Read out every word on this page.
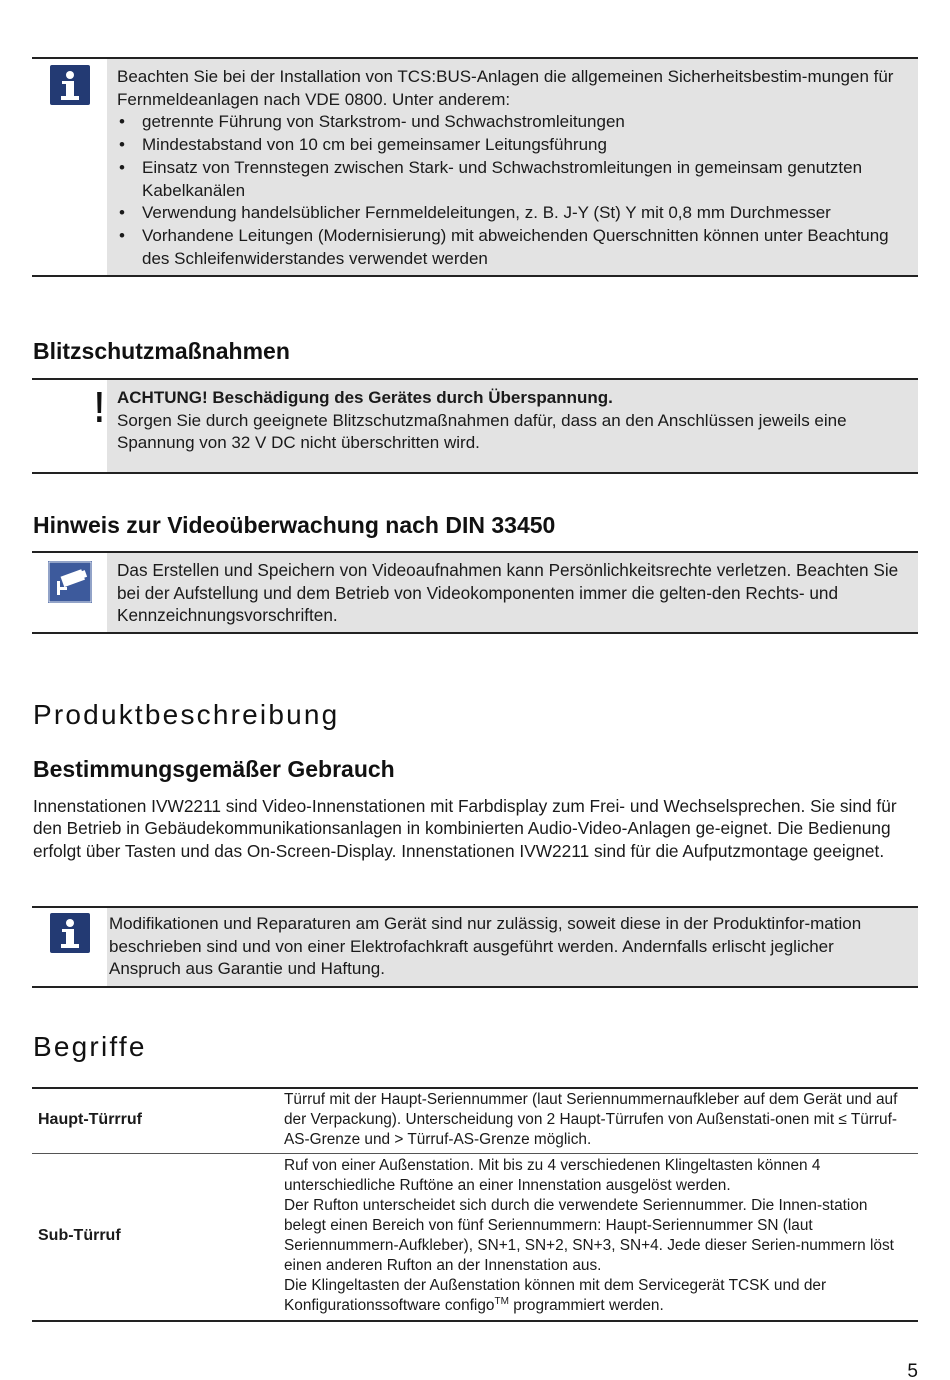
Beachten Sie bei der Installation von TCS:BUS-Anlagen die allgemeinen Sicherheitsbestim-mungen für Fernmeldeanlagen nach VDE 0800. Unter anderem:
• getrennte Führung von Starkstrom- und Schwachstromleitungen
• Mindestabstand von 10 cm bei gemeinsamer Leitungsführung
• Einsatz von Trennstegen zwischen Stark- und Schwachstromleitungen in gemeinsam genutzten Kabelkanälen
• Verwendung handelsüblicher Fernmeldeleitungen, z. B. J-Y (St) Y mit 0,8 mm Durchmesser
• Vorhandene Leitungen (Modernisierung) mit abweichenden Querschnitten können unter Beachtung des Schleifenwiderstandes verwendet werden
Blitzschutzmaßnahmen
! ACHTUNG! Beschädigung des Gerätes durch Überspannung.
Sorgen Sie durch geeignete Blitzschutzmaßnahmen dafür, dass an den Anschlüssen jeweils eine Spannung von 32 V DC nicht überschritten wird.
Hinweis zur Videoüberwachung nach DIN 33450
Das Erstellen und Speichern von Videoaufnahmen kann Persönlichkeitsrechte verletzen. Beachten Sie bei der Aufstellung und dem Betrieb von Videokomponenten immer die gelten-den Rechts- und Kennzeichnungsvorschriften.
Produktbeschreibung
Bestimmungsgemäßer Gebrauch
Innenstationen IVW2211 sind Video-Innenstationen mit Farbdisplay zum Frei- und Wechselsprechen. Sie sind für den Betrieb in Gebäudekommunikationsanlagen in kombinierten Audio-Video-Anlagen ge-eignet. Die Bedienung erfolgt über Tasten und das On-Screen-Display. Innenstationen IVW2211 sind für die Aufputzmontage geeignet.
Modifikationen und Reparaturen am Gerät sind nur zulässig, soweit diese in der Produktinfor-mation beschrieben sind und von einer Elektrofachkraft ausgeführt werden. Andernfalls erlischt jeglicher Anspruch aus Garantie und Haftung.
Begriffe
Haupt-Türrruf	Türruf mit der Haupt-Seriennummer (laut Seriennummernaufkleber auf dem Gerät und auf der Verpackung). Unterscheidung von 2 Haupt-Türrufen von Außenstati-onen mit ≤ Türruf-AS-Grenze und > Türruf-AS-Grenze möglich.
Sub-Türruf	Ruf von einer Außenstation. Mit bis zu 4 verschiedenen Klingeltasten können 4 unterschiedliche Ruftöne an einer Innenstation ausgelöst werden.
Der Rufton unterscheidet sich durch die verwendete Seriennummer. Die Innen-station belegt einen Bereich von fünf Seriennummern: Haupt-Seriennummer SN (laut Seriennummern-Aufkleber), SN+1, SN+2, SN+3, SN+4. Jede dieser Serien-nummern löst einen anderen Rufton an der Innenstation aus.
Die Klingeltasten der Außenstation können mit dem Servicegerät TCSK und der Konfigurationssoftware configo™ programmiert werden.
5
